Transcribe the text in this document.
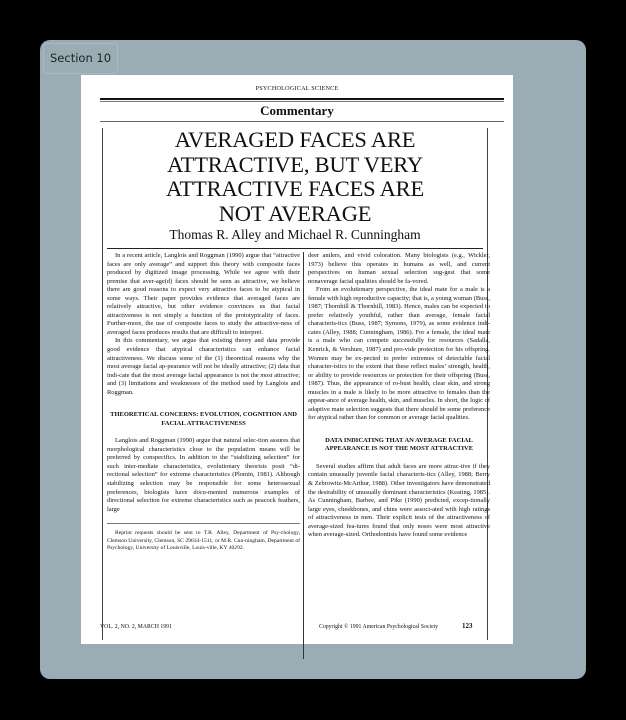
Section 10
PSYCHOLOGICAL SCIENCE
Commentary
AVERAGED FACES ARE
ATTRACTIVE, BUT VERY
ATTRACTIVE FACES ARE
NOT AVERAGE
Thomas R. Alley and Michael R. Cunningham

In a recent article, Langlois and Roggman (1990) argue that “attractive faces are only average” and support this theory with composite faces produced by digitized image processing. While we agree with their premise that aver-age(d) faces should be seen as attractive, we believe there are good reasons to expect very attractive faces to be atypical in some ways. Their paper provides evidence that averaged faces are relatively attractive, but other evidence convinces us that facial attractiveness is not simply a function of the prototypicality of faces. Further-more, the use of composite faces to study the attractive-ness of averaged faces produces results that are difficult to interpret.

In this commentary, we argue that existing theory and data provide good evidence that atypical characteristics can enhance facial attractiveness. We discuss some of the (1) theoretical reasons why the most average facial ap-pearance will not be ideally attractive; (2) data that indi-cate that the most average facial appearance is not the most attractive; and (3) limitations and weaknesses of the method used by Langlois and Roggman.

THEORETICAL CONCERNS: EVOLUTION, COGNITION AND FACIAL ATTRACTIVENESS

Langlois and Roggman (1990) argue that natural selec-tion assures that morphological characteristics close to the population means will be preferred by conspecifics. In addition to the “stabilizing selection” for such inter-mediate characteristics, evolutionary theorists posit “di-rectional selection” for extreme characteristics (Plomin, 1981). Although stabilizing selection may be responsible for some heterosexual preferences, biologists have docu-mented numerous examples of directional selection for extreme characteristics such as peacock feathers, large

Reprint requests should be sent to T.R. Alley, Department of Psy-chology, Clemson University, Clemson, SC 29634-1511, or M.R. Cun-ningham, Department of Psychology, University of Louisville, Louis-ville, KY 40292.

deer antlers, and vivid coloration. Many biologists (e.g., Wickler, 1973) believe this operates in humans as well, and current perspectives on human sexual selection sug-gest that some nonaverage facial qualities should be fa-vored.

From an evolutionary perspective, the ideal mate for a male is a female with high reproductive capacity; that is, a young woman (Buss, 1987; Thornhill & Thornhill, 1983). Hence, males can be expected to prefer relatively youthful, rather than average, female facial characteris-tics (Buss, 1987; Symons, 1979), as some evidence indi-cates (Alley, 1988; Cunningham, 1986). For a female, the ideal mate is a male who can compete successfully for resources (Sadalla, Kenrick, & Vershure, 1987) and pro-vide protection for his offspring. Women may be ex-pected to prefer extremes of detectable facial character-istics to the extent that these reflect males’ strength, health, or ability to provide resources or protection for their offspring (Buss, 1987). Thus, the appearance of ro-bust health, clear skin, and strong muscles in a male is likely to be more attractive to females than the appear-ance of average health, skin, and muscles. In short, the logic of adaptive mate selection suggests that there should be some preference for atypical rather than for common or average facial qualities.

DATA INDICATING THAT AN AVERAGE FACIAL APPEARANCE IS NOT THE MOST ATTRACTIVE

Several studies affirm that adult faces are more attrac-tive if they contain unusually juvenile facial characteris-tics (Alley, 1988; Berry & Zebrowitz-McArthur, 1988). Other investigators have demonstrated the desirability of unusually dominant characteristics (Keating, 1985). As Cunningham, Barbee, and Pike (1990) predicted, excep-tionally large eyes, cheekbones, and chins were associ-ated with high ratings of attractiveness in men. Their explicit tests of the attractiveness of average-sized fea-tures found that only noses were most attractive when average-sized. Orthodontists have found some evidence

VOL. 2, NO. 2, MARCH 1991	Copyright © 1991 American Psychological Society	123
